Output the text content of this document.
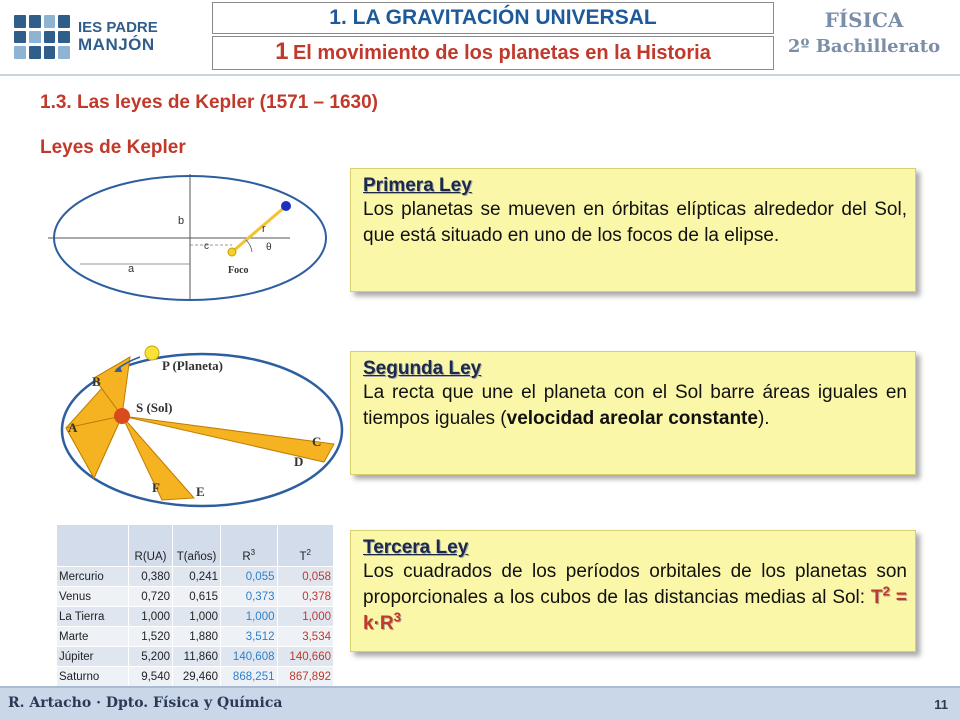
IES PADRE
MANJÓN
1. LA GRAVITACIÓN UNIVERSAL
1 El movimiento de los planetas en la Historia
FÍSICA
2º Bachillerato
1.3. Las leyes de Kepler (1571 – 1630)
Leyes de Kepler
b
r
c	θ
a	Foco
P (Planeta)
S (Sol)
A
B
C
D
E
F
	R(UA)	T(años)	$R^3$	$T^2$
Mercurio	0,380	0,241	0,055	0,058
Venus	0,720	0,615	0,373	0,378
La Tierra	1,000	1,000	1,000	1,000
Marte	1,520	1,880	3,512	3,534
Júpiter	5,200	11,860	140,608	140,660
Saturno	9,540	29,460	868,251	867,892
Primera Ley
Los planetas se mueven en órbitas elípticas alrededor del Sol, que está situado en uno de los focos de la elipse.
Segunda Ley
La recta que une el planeta con el Sol barre áreas iguales en tiempos iguales (velocidad areolar constante).
Tercera Ley
Los cuadrados de los períodos orbitales de los planetas son proporcionales a los cubos de las distancias medias al Sol: $T^2 = k\cdot R^3$
R. Artacho · Dpto. Física y Química	11
